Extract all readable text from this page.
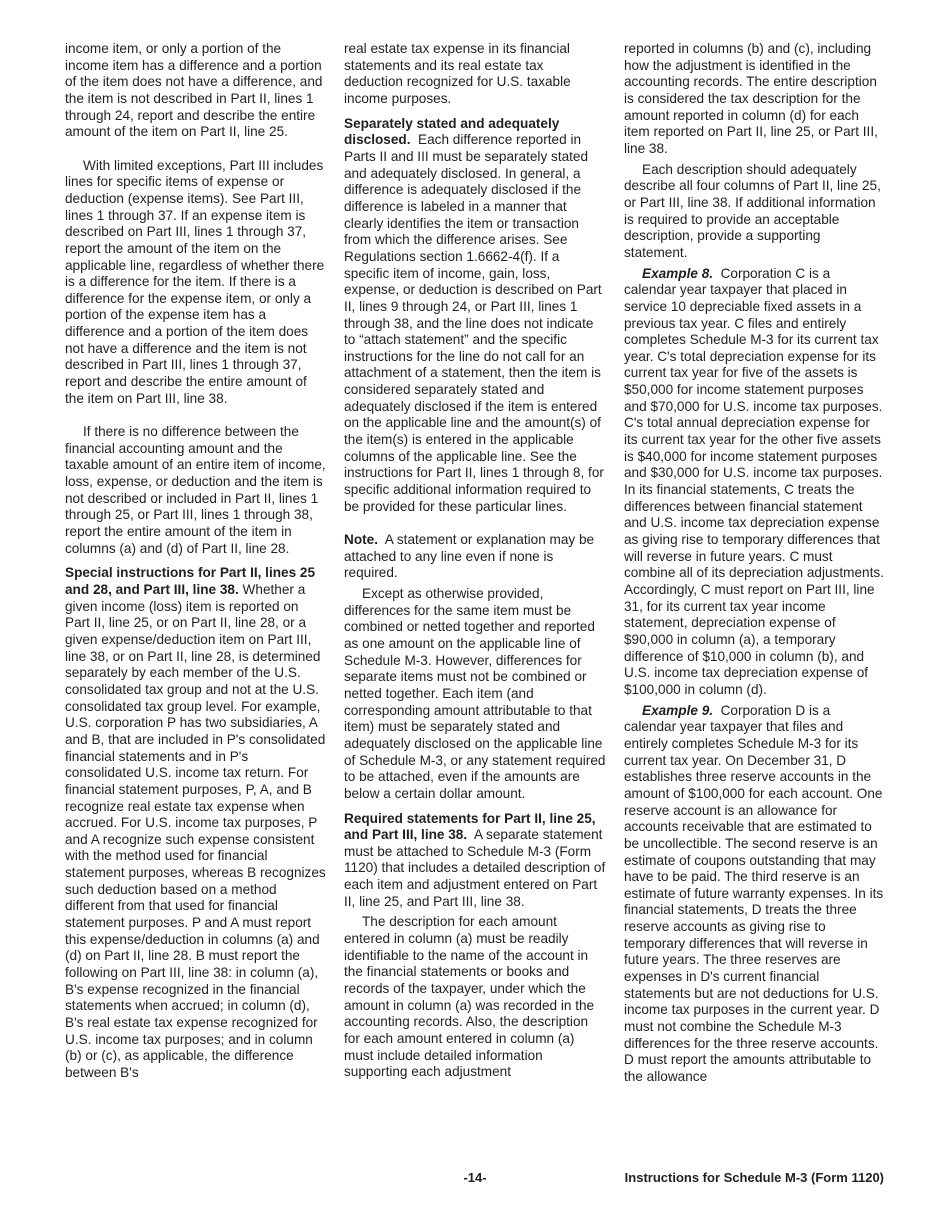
income item, or only a portion of the income item has a difference and a portion of the item does not have a difference, and the item is not described in Part II, lines 1 through 24, report and describe the entire amount of the item on Part II, line 25.

With limited exceptions, Part III includes lines for specific items of expense or deduction (expense items). See Part III, lines 1 through 37. If an expense item is described on Part III, lines 1 through 37, report the amount of the item on the applicable line, regardless of whether there is a difference for the item. If there is a difference for the expense item, or only a portion of the expense item has a difference and a portion of the item does not have a difference and the item is not described in Part III, lines 1 through 37, report and describe the entire amount of the item on Part III, line 38.

If there is no difference between the financial accounting amount and the taxable amount of an entire item of income, loss, expense, or deduction and the item is not described or included in Part II, lines 1 through 25, or Part III, lines 1 through 38, report the entire amount of the item in columns (a) and (d) of Part II, line 28.

Special instructions for Part II, lines 25 and 28, and Part III, line 38. Whether a given income (loss) item is reported on Part II, line 25, or on Part II, line 28, or a given expense/deduction item on Part III, line 38, or on Part II, line 28, is determined separately by each member of the U.S. consolidated tax group and not at the U.S. consolidated tax group level. For example, U.S. corporation P has two subsidiaries, A and B, that are included in P's consolidated financial statements and in P's consolidated U.S. income tax return. For financial statement purposes, P, A, and B recognize real estate tax expense when accrued. For U.S. income tax purposes, P and A recognize such expense consistent with the method used for financial statement purposes, whereas B recognizes such deduction based on a method different from that used for financial statement purposes. P and A must report this expense/deduction in columns (a) and (d) on Part II, line 28. B must report the following on Part III, line 38: in column (a), B's expense recognized in the financial statements when accrued; in column (d), B's real estate tax expense recognized for U.S. income tax purposes; and in column (b) or (c), as applicable, the difference between B's

real estate tax expense in its financial statements and its real estate tax deduction recognized for U.S. taxable income purposes.

Separately stated and adequately disclosed. Each difference reported in Parts II and III must be separately stated and adequately disclosed. In general, a difference is adequately disclosed if the difference is labeled in a manner that clearly identifies the item or transaction from which the difference arises. See Regulations section 1.6662-4(f). If a specific item of income, gain, loss, expense, or deduction is described on Part II, lines 9 through 24, or Part III, lines 1 through 38, and the line does not indicate to “attach statement” and the specific instructions for the line do not call for an attachment of a statement, then the item is considered separately stated and adequately disclosed if the item is entered on the applicable line and the amount(s) of the item(s) is entered in the applicable columns of the applicable line. See the instructions for Part II, lines 1 through 8, for specific additional information required to be provided for these particular lines.

Note. A statement or explanation may be attached to any line even if none is required.

Except as otherwise provided, differences for the same item must be combined or netted together and reported as one amount on the applicable line of Schedule M-3. However, differences for separate items must not be combined or netted together. Each item (and corresponding amount attributable to that item) must be separately stated and adequately disclosed on the applicable line of Schedule M-3, or any statement required to be attached, even if the amounts are below a certain dollar amount.

Required statements for Part II, line 25, and Part III, line 38. A separate statement must be attached to Schedule M-3 (Form 1120) that includes a detailed description of each item and adjustment entered on Part II, line 25, and Part III, line 38.

The description for each amount entered in column (a) must be readily identifiable to the name of the account in the financial statements or books and records of the taxpayer, under which the amount in column (a) was recorded in the accounting records. Also, the description for each amount entered in column (a) must include detailed information supporting each adjustment

reported in columns (b) and (c), including how the adjustment is identified in the accounting records. The entire description is considered the tax description for the amount reported in column (d) for each item reported on Part II, line 25, or Part III, line 38.

Each description should adequately describe all four columns of Part II, line 25, or Part III, line 38. If additional information is required to provide an acceptable description, provide a supporting statement.

Example 8. Corporation C is a calendar year taxpayer that placed in service 10 depreciable fixed assets in a previous tax year. C files and entirely completes Schedule M-3 for its current tax year. C's total depreciation expense for its current tax year for five of the assets is $50,000 for income statement purposes and $70,000 for U.S. income tax purposes. C's total annual depreciation expense for its current tax year for the other five assets is $40,000 for income statement purposes and $30,000 for U.S. income tax purposes. In its financial statements, C treats the differences between financial statement and U.S. income tax depreciation expense as giving rise to temporary differences that will reverse in future years. C must combine all of its depreciation adjustments. Accordingly, C must report on Part III, line 31, for its current tax year income statement, depreciation expense of $90,000 in column (a), a temporary difference of $10,000 in column (b), and U.S. income tax depreciation expense of $100,000 in column (d).

Example 9. Corporation D is a calendar year taxpayer that files and entirely completes Schedule M-3 for its current tax year. On December 31, D establishes three reserve accounts in the amount of $100,000 for each account. One reserve account is an allowance for accounts receivable that are estimated to be uncollectible. The second reserve is an estimate of coupons outstanding that may have to be paid. The third reserve is an estimate of future warranty expenses. In its financial statements, D treats the three reserve accounts as giving rise to temporary differences that will reverse in future years. The three reserves are expenses in D's current financial statements but are not deductions for U.S. income tax purposes in the current year. D must not combine the Schedule M-3 differences for the three reserve accounts. D must report the amounts attributable to the allowance

-14-	Instructions for Schedule M-3 (Form 1120)
